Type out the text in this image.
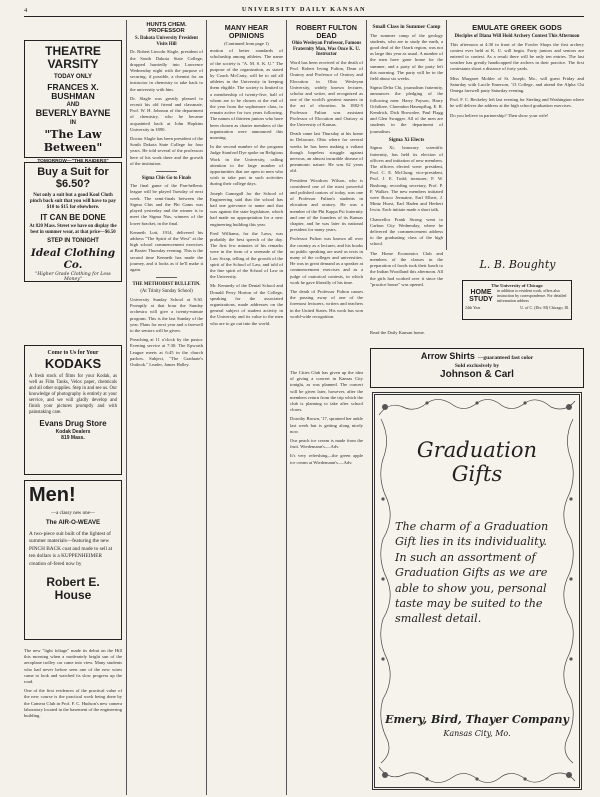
4	UNIVERSITY DAILY KANSAN
THEATRE VARSITY
TODAY ONLY
FRANCES X. BUSHMAN
AND
BEVERLY BAYNE
IN
"The Law Between"
Buy a Suit for $6.50?
Not only a suit but a good Kool Cloth pinch back suit that you will have to pay $10 to $15 for elsewhere.
IT CAN BE DONE
At 820 Mass. Street we have on display the best in summer wear, at that price—$6.50
STEP IN TONIGHT
Ideal Clothing Co.
"Higher Grade Clothing for Less Money"
Come to Us for Your
KODAKS
A fresh stock of films for your Kodak, as well as Film Tanks, Velox paper, chemicals and all other supplies. Step in and see us. Our knowledge of photography is entirely at your service, and we will gladly develop and finish your pictures promptly and with painstaking care.
Evans Drug Store
Kodak Dealers
819 Mass.
Men!
—a classy new one—
The AIR-O-WEAVE
A two-piece suit built of the lightest of summer materials—featuring the new PINCH BACK coat and made to sell at ten dollars is a KUPPENHEIMER creation of-fered now by
Robert E. House
The new "light foliage" made its debut on the Hill this morning when a moderately bright sun of the aeroplane trolley car came into view. Many students who had never before seen one of the new wires came to look and watched its slow progress up the road.
One of the first evidences of the practical value of the new course is the practical work being done by the Camera Club in Prof. F. C. Hudson's new camera laboratory located in the basement of the engineering building.
HUNTS CHEM. PROFESSOR
S. Dakota University President Visits Hill
Dr. Robert Lincoln Slagle, president of the South Dakota State College, dropped hurriedly into Lawrence Wednesday night with the purpose of securing, if possible, a chemist for an instructor in chemistry to take back to the university with him.
Dr. Slagle was greatly pleased to recruit his old friend and classmate, Prof. W. H. Johnson of the department of chemistry, who he became acquainted back at John Hopkins University in 1890.
Doctor Slagle has been president of the South Dakota State College for four years. He told several of the professors here of his work there and the growth of the institution.
Sigma Chis Go to Finals
The final game of the Pan-hellenic league will be played Tuesday of next week. The semi-finals between the Sigma Chis and the Phi Gams was played yesterday and the winner is to meet the Sigma Nus, winners of the lower bracket, in the final.
Kenneth Lott, 1914, delivered his address "The Spirit of the West" at the high school commencement exercises at Baxter Thursday evening. This is the second time Kenneth has made the journey, and it looks as if he'll make it again.
THE METHODIST BULLETIN.
(At Trinity Sunday School)
University Sunday School at 9:30. Promptly at that hour the Sunday orchestra will give a twenty-minute program. This is the last Sunday of the year. Plans for next year and a farewell to the seniors will be given.
Preaching at 11 o'clock by the pastor. Evening service at 7:30. The Epworth League meets at 6:45 in the church parlors. Subject, "The Graduate's Outlook." Leader, James Halley.
MANY HEAR OPINIONS
(Continued from page 1)
motion of better standards of scholarship among athletes. The name of the society is "A. M. S. K. U." The purpose of the organization, as stated by Coach McCarty, will be to aid all athletes in the University in keeping them eligible. The society is limited to a membership of twenty-five, half of whom are to be chosen at the end of the year from the sophomore class, to remain active for two years following. The names of thirteen juniors who have been chosen as charter members of the organization were announced this morning.
In the second number of the program Judge Stanford Dye spoke on Religious Work in the University, calling attention to the large number of opportunities that are open to men who wish to take part in such activities during their college days.
Joseph Gamegall for the School of Engineering said that the school has had one grievance to name and that was against the state legislature, which had made no appropriation for a new engineering building this year.
Fred Williams, for the Laws, was probably the best speech of the day. The first few minutes of his remarks were in the form of a serenade of the Law Scrap, telling of the growth of the spirit of the School of Law, and told of the fine spirit of the School of Law in the University.
Mr. Kennedy of the Dental School and Donald Perry Horton of the College, speaking for the associated organizations, made addresses on the general subject of student activity in the University and its value to the men who are to go out into the world.
ROBERT FULTON DEAD
Ohio Wesleyan Professor, Famous Fraternity Man, Was Once K. U. Instructor
Word has been received of the death of Prof. Robert Irving Fulton, Dean of Oratory and Professor of Oratory and Elocution in Ohio Wesleyan University, widely known lecturer, scholar and writer, and recognized as one of the world's greatest masters in the art of elocution. In 1882-5 Professor Fulton was assistant Professor of Elocution and Oratory at the University of Kansas.
Death came last Thursday at his home in Delaware, Ohio where for several weeks he has been making a valiant though hopeless struggle against nervous, an almost incurable disease of pneumonic nature. He was 62 years old.
President Woodrow Wilson, who is considered one of the most powerful and polished orators of today, was one of Professor Fulton's students in elocution and oratory. He was a member of the Phi Kappa Psi fraternity and one of the founders of its Kansas chapter, and he was later its national president for many years.
Professor Fulton was known all over the country as a lecturer, and his books on public speaking are used as texts in many of the colleges and universities. He was in great demand as a speaker at commencement exercises and as a judge of oratorical contests, in which work he gave liberally of his time.
The death of Professor Fulton causes the passing away of one of the foremost lecturers, writers and teachers in the United States. His work has won world-wide recognition.
Small Class in Summer Camp
The summer camp of the geology students, who are to study the earth, a good deal of the Ozark region, was not as large this year as usual. A number of the men have gone home for the summer, and a party of the party left this morning. The party will be in the field about six weeks.
Sigma Delta Chi, journalism fraternity, announces the pledging of the following men: Harry Payson, Harry Ochiltree, Clarendon Hasenpflug, E. R. Kendrick, Dick Brownlee, Paul Flagg and Glen Swagger. All of the men are students in the department of journalism.
Sigma Xi Elects
Sigma Xi, honorary scientific fraternity, has held its election of officers and initiation of new members. The officers elected were: president, Prof. C. E. McClung; vice-president, Prof. J. E. Todd; treasurer, F. W. Bushong; recording secretary, Prof. P. F. Walker. The new members initiated were Rosco Jermaine, Earl Elbert, J. Mintz Hurst, Earl Haden and Herbert Irwin. Each initiate made a short talk.
Chancellor Frank Strong went to Carbon City Wednesday, where he delivered the commencement address to the graduating class of the high school.
The Home Economics Club and members of the classes in the preparation of foods took their lunch to the Indian Woodland this afternoon. All the girls had worked over it since the "practice house" was opened.
EMULATE GREEK GODS
Disciples of Diana Will Hold Archery Contest This Afternoon
This afternoon at 4:30 in front of the Fowler Shops the first archery contest ever held at K. U. will begin. Forty juniors and seniors are entered to contest. As a result there will be only ten entries. The last weather has greatly handicapped the archers in their practice. The first contestants shoot a distance of forty yards.
Miss Margaret Mohler of St. Joseph, Mo., will guest Friday and Saturday with Lucile Emerson, '13 College, and attend the Alpha Chi Omega farewell party Saturday evening.
Prof. F. C. Beckeley left last evening for Sterling and Washington where he will deliver the address at the high school graduation exercises.
Do you believe in partnership? Then show your wife!
L. B. Boughty
The University of Chicago
HOME
STUDY
in addition to resident work, offers also instruction by correspondence. For detailed information address
24th Year	U. of C. (Div. M) Chicago, Ill.
The Cities Club has given up the idea of giving a concert in Kansas City tonight, as was planned. The concert will be given later, however, after the members return from the trip which the club is planning to take after school closes.
Dorothy Brown, '17, sprained her ankle last week but is getting along nicely now.
Our peach ice cream is made from the fruit. Wiedemann's.—Adv.
It's very refreshing—the green apple ice cream at Wiedemann's.—Adv.
Read the Daily Kansan home.
Arrow Shirts —guaranteed fast color
Sold exclusively by
Johnson & Carl
Graduation
Gifts
The charm of a Graduation Gift lies in its individuality. In such an assortment of Graduation Gifts as we are able to show you, personal taste may be suited to the smallest detail.
Emery, Bird, Thayer Company
Kansas City, Mo.
